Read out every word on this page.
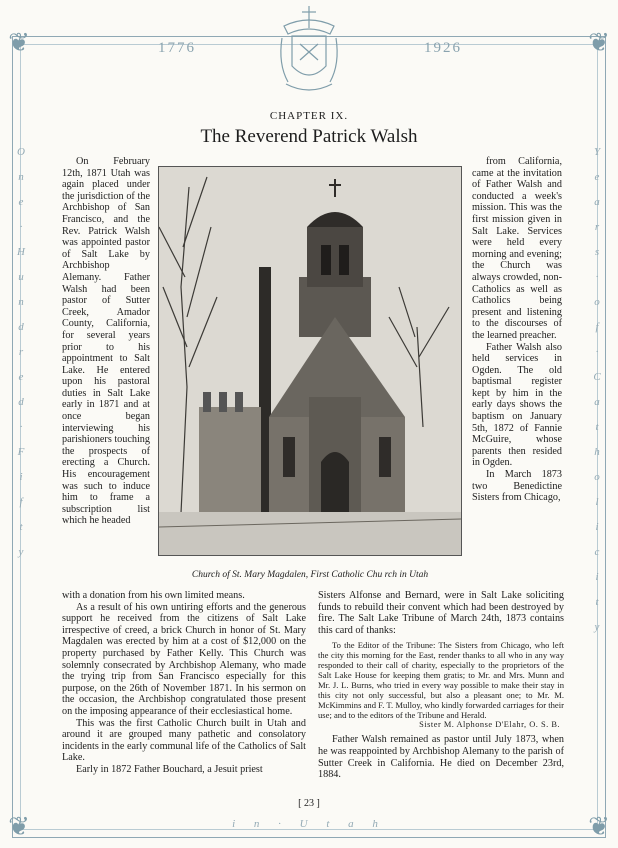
❦	❦
❦	❦
1776	1926
O
n
e
·
H
u
n
d
r
e
d
·
F
i
f
t
y
Y
e
a
r
s
·
o
f
·
C
a
t
h
o
l
i
c
i
t
y
i n · U t a h
CHAPTER IX.
The Reverend Patrick Walsh

On February 12th, 1871 Utah was again placed under the jurisdiction of the Archbishop of San Francisco, and the Rev. Patrick Walsh was appointed pastor of Salt Lake by Archbishop Alemany. Father Walsh had been pastor of Sutter Creek, Amador County, California, for several years prior to his appointment to Salt Lake. He entered upon his pastoral duties in Salt Lake early in 1871 and at once began interviewing his parishioners touching the prospects of erecting a Church. His encouragement was such to induce him to frame a subscription list which he headed

from California, came at the invitation of Father Walsh and conducted a week's mission. This was the first mission given in Salt Lake. Services were held every morning and evening; the Church was always crowded, non-Catholics as well as Catholics being present and listening to the discourses of the learned preacher.

Father Walsh also held services in Ogden. The old baptismal register kept by him in the early days shows the baptism on January 5th, 1872 of Fannie McGuire, whose parents then resided in Ogden.

In March 1873 two Benedictine Sisters from Chicago,

Church of St. Mary Magdalen, First Catholic Chu rch in Utah

with a donation from his own limited means.

As a result of his own untiring efforts and the generous support he received from the citizens of Salt Lake irrespective of creed, a brick Church in honor of St. Mary Magdalen was erected by him at a cost of $12,000 on the property purchased by Father Kelly. This Church was solemnly consecrated by Archbishop Alemany, who made the trying trip from San Francisco especially for this purpose, on the 26th of November 1871. In his sermon on the occasion, the Archbishop congratulated those present on the imposing appearance of their ecclesiastical home.

This was the first Catholic Church built in Utah and around it are grouped many pathetic and consolatory incidents in the early communal life of the Catholics of Salt Lake.

Early in 1872 Father Bouchard, a Jesuit priest

Sisters Alfonse and Bernard, were in Salt Lake soliciting funds to rebuild their convent which had been destroyed by fire. The Salt Lake Tribune of March 24th, 1873 contains this card of thanks:

To the Editor of the Tribune: The Sisters from Chicago, who left the city this morning for the East, render thanks to all who in any way responded to their call of charity, especially to the proprietors of the Salt Lake House for keeping them gratis; to Mr. and Mrs. Munn and Mr. J. L. Burns, who tried in every way possible to make their stay in this city not only successful, but also a pleasant one; to Mr. M. McKimmins and F. T. Mulloy, who kindly forwarded carriages for their use; and to the editors of the Tribune and Herald.

Sister M. Alphonse D'Elahr, O. S. B.

Father Walsh remained as pastor until July 1873, when he was reappointed by Archbishop Alemany to the parish of Sutter Creek in California. He died on December 23rd, 1884.

[ 23 ]
